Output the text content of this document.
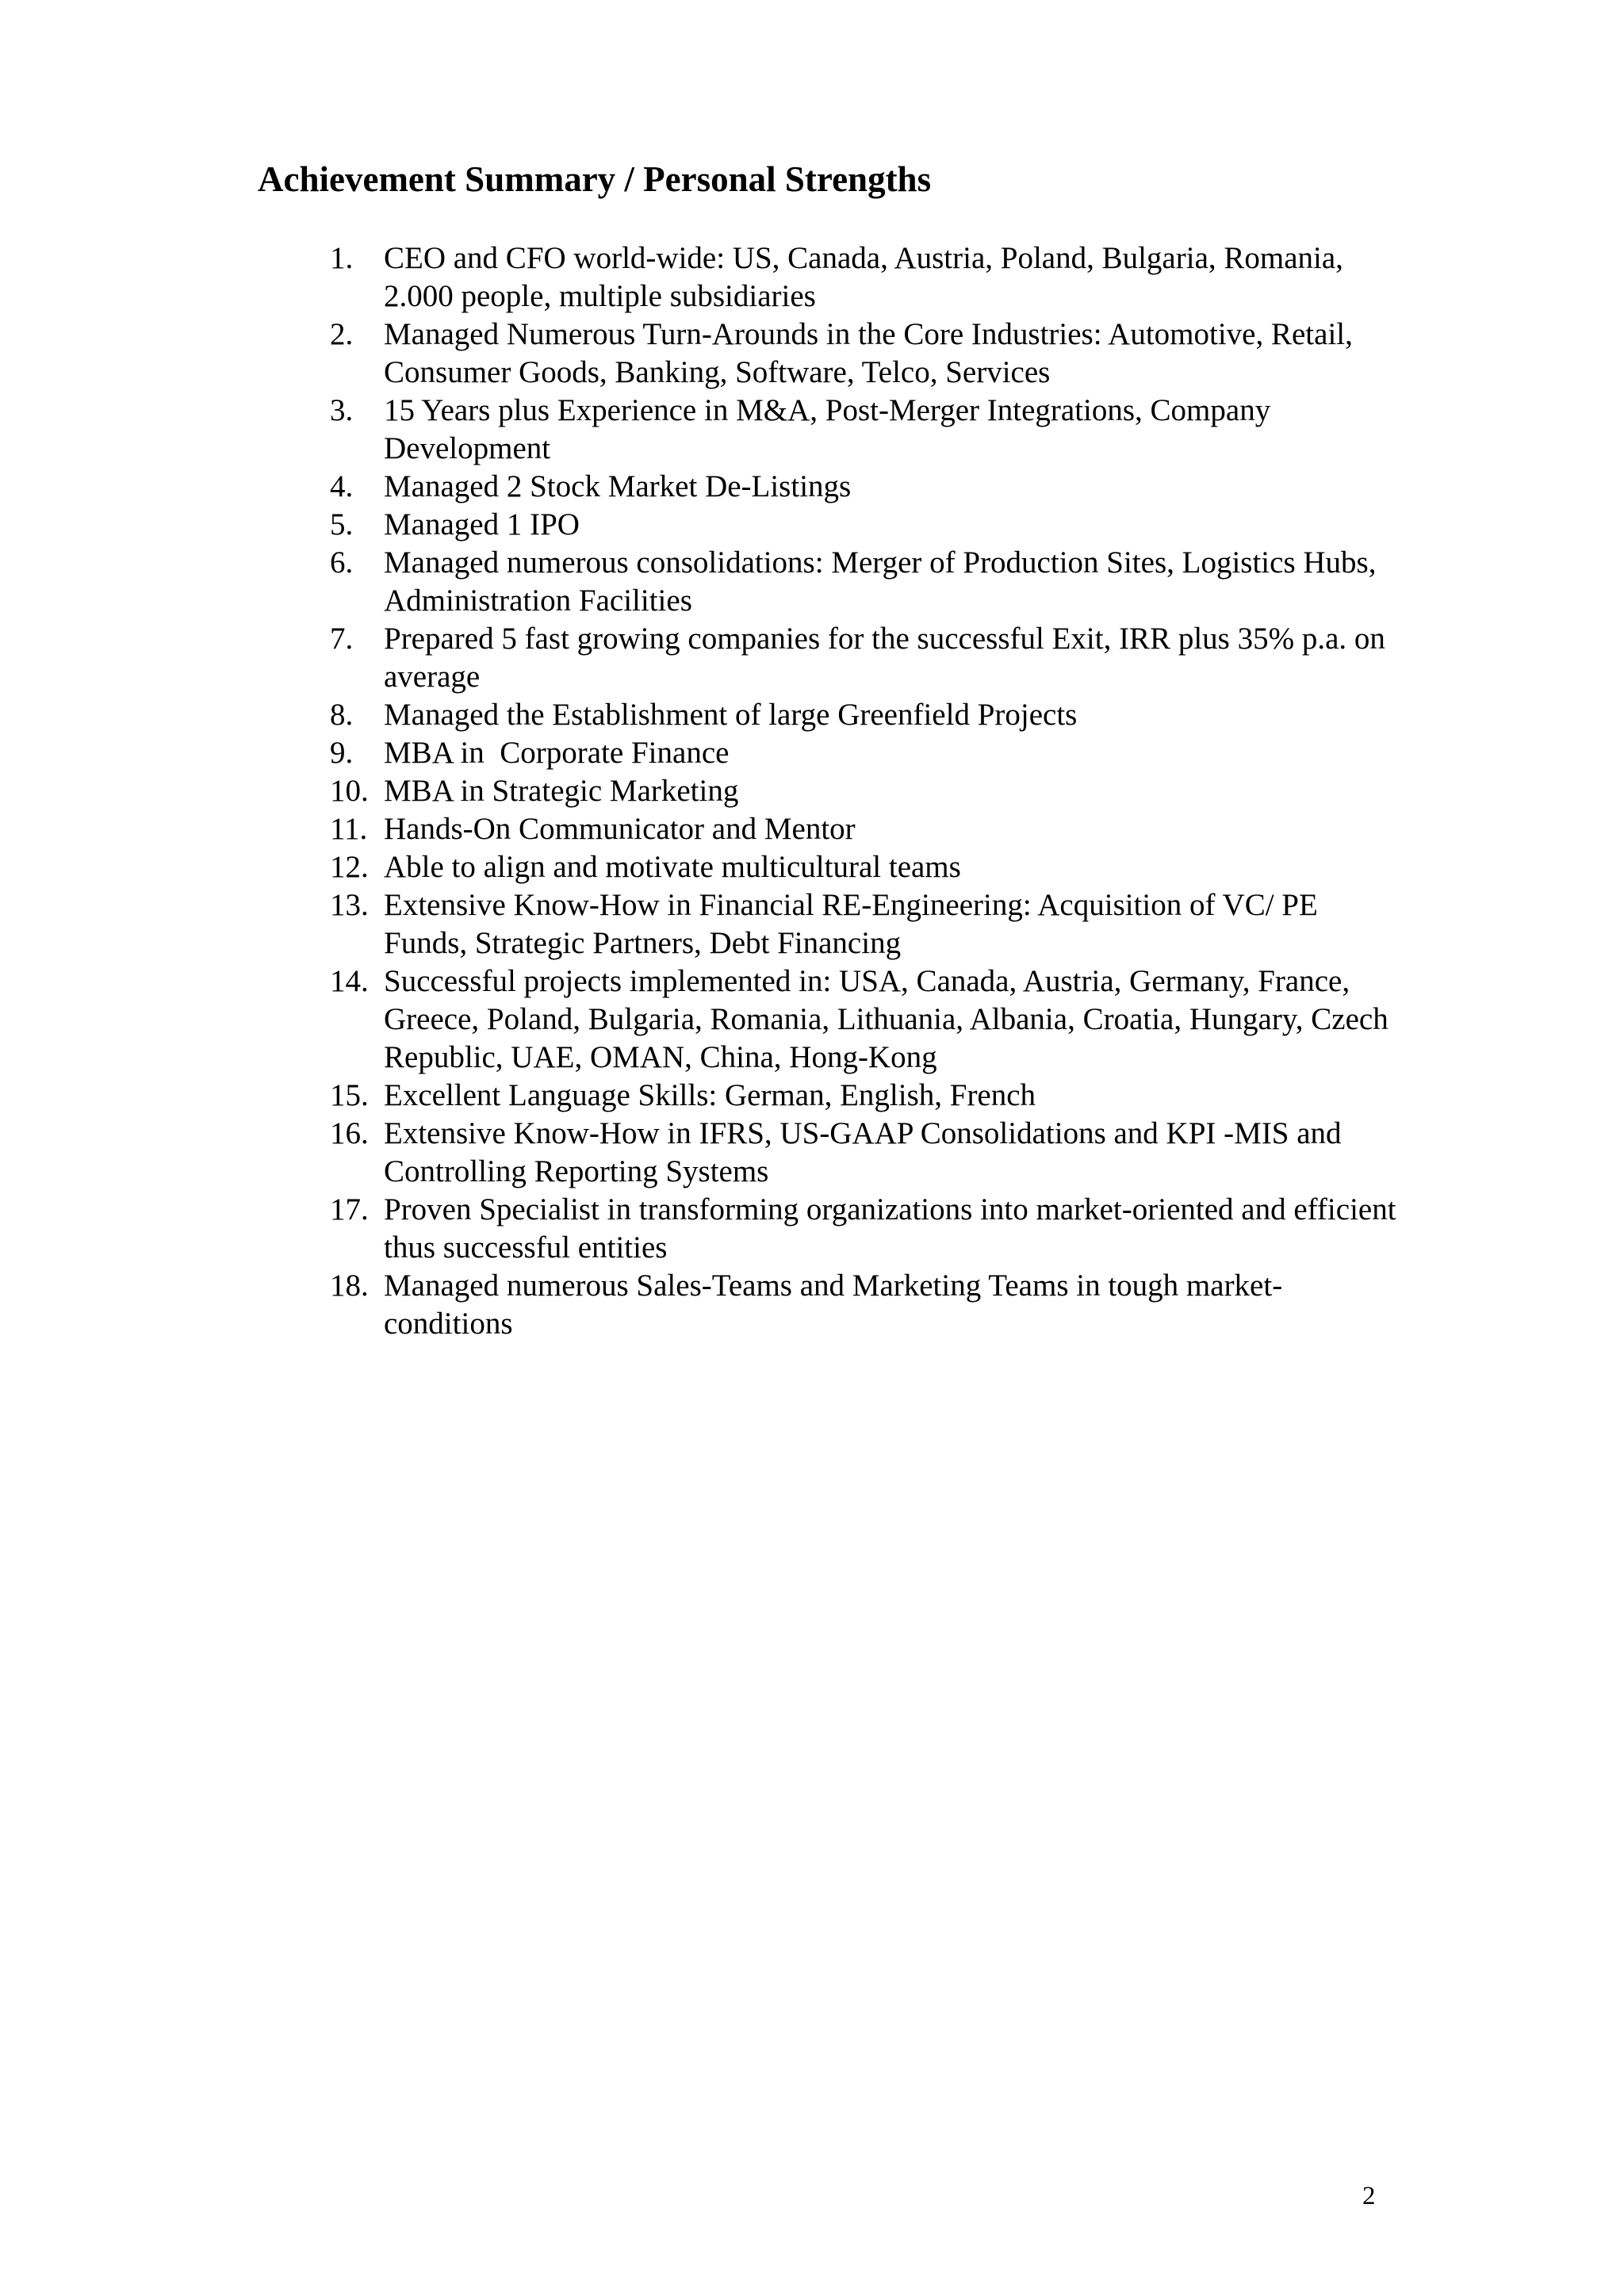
Achievement Summary / Personal Strengths
1. CEO and CFO world-wide: US, Canada, Austria, Poland, Bulgaria, Romania, 2.000 people, multiple subsidiaries
2. Managed Numerous Turn-Arounds in the Core Industries: Automotive, Retail, Consumer Goods, Banking, Software, Telco, Services
3. 15 Years plus Experience in M&A, Post-Merger Integrations, Company Development
4. Managed 2 Stock Market De-Listings
5. Managed 1 IPO
6. Managed numerous consolidations: Merger of Production Sites, Logistics Hubs, Administration Facilities
7. Prepared 5 fast growing companies for the successful Exit, IRR plus 35% p.a. on average
8. Managed the Establishment of large Greenfield Projects
9. MBA in  Corporate Finance
10. MBA in Strategic Marketing
11. Hands-On Communicator and Mentor
12. Able to align and motivate multicultural teams
13. Extensive Know-How in Financial RE-Engineering: Acquisition of VC/ PE Funds, Strategic Partners, Debt Financing
14. Successful projects implemented in: USA, Canada, Austria, Germany, France, Greece, Poland, Bulgaria, Romania, Lithuania, Albania, Croatia, Hungary, Czech Republic, UAE, OMAN, China, Hong-Kong
15. Excellent Language Skills: German, English, French
16. Extensive Know-How in IFRS, US-GAAP Consolidations and KPI -MIS and Controlling Reporting Systems
17. Proven Specialist in transforming organizations into market-oriented and efficient thus successful entities
18. Managed numerous Sales-Teams and Marketing Teams in tough market-conditions
2
